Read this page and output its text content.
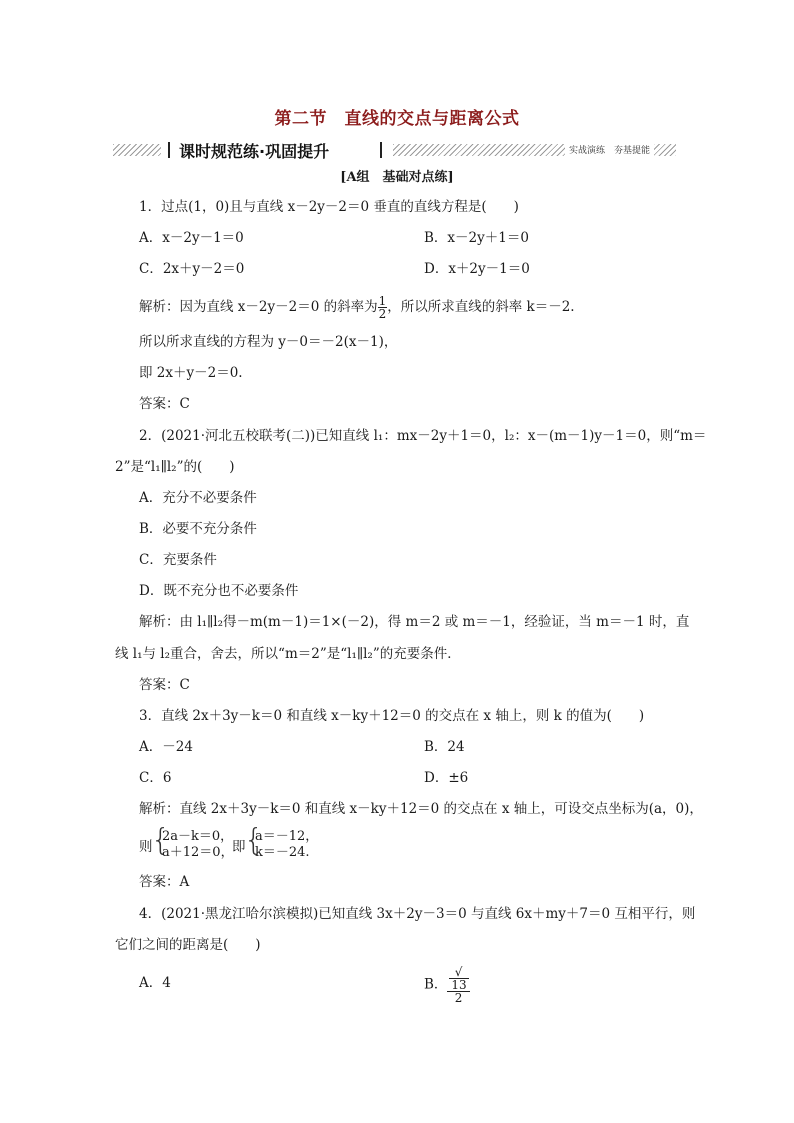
第二节　直线的交点与距离公式
课时规范练·巩固提升	实战演练　夯基提能
[A组　基础对点练]
1．过点(1，0)且与直线 x－2y－2＝0 垂直的直线方程是(　　)
A．x－2y－1＝0	B．x－2y＋1＝0
C．2x＋y－2＝0	D．x＋2y－1＝0
解析：因为直线 x－2y－2＝0 的斜率为 $\frac{1}{2}$ ，所以所求直线的斜率 k＝－2.
所以所求直线的方程为 y－0＝－2(x－1)，
即 2x＋y－2＝0.
答案：C
2．(2021·河北五校联考(二))已知直线 l₁：mx－2y＋1＝0，l₂：x－(m－1)y－1＝0，则“m＝
2”是“l₁∥l₂”的(　　)
A．充分不必要条件
B．必要不充分条件
C．充要条件
D．既不充分也不必要条件
解析：由 l₁∥l₂得－m(m－1)＝1×(－2)，得 m＝2 或 m＝－1，经验证，当 m＝－1 时，直
线 l₁与 l₂重合，舍去，所以“m＝2”是“l₁∥l₂”的充要条件．
答案：C
3．直线 2x＋3y－k＝0 和直线 x－ky＋12＝0 的交点在 x 轴上，则 k 的值为(　　)
A．－24	B．24
C．6	D．±6
解析：直线 2x＋3y－k＝0 和直线 x－ky＋12＝0 的交点在 x 轴上，可设交点坐标为(a，0)，
则
{
2a－k＝0，
a＋12＝0，
即
{
a＝－12，
k＝－24.
答案：A
4．(2021·黑龙江哈尔滨模拟)已知直线 3x＋2y－3＝0 与直线 6x＋my＋7＝0 互相平行，则
它们之间的距离是(　　)
A．4	B． √
13
2
